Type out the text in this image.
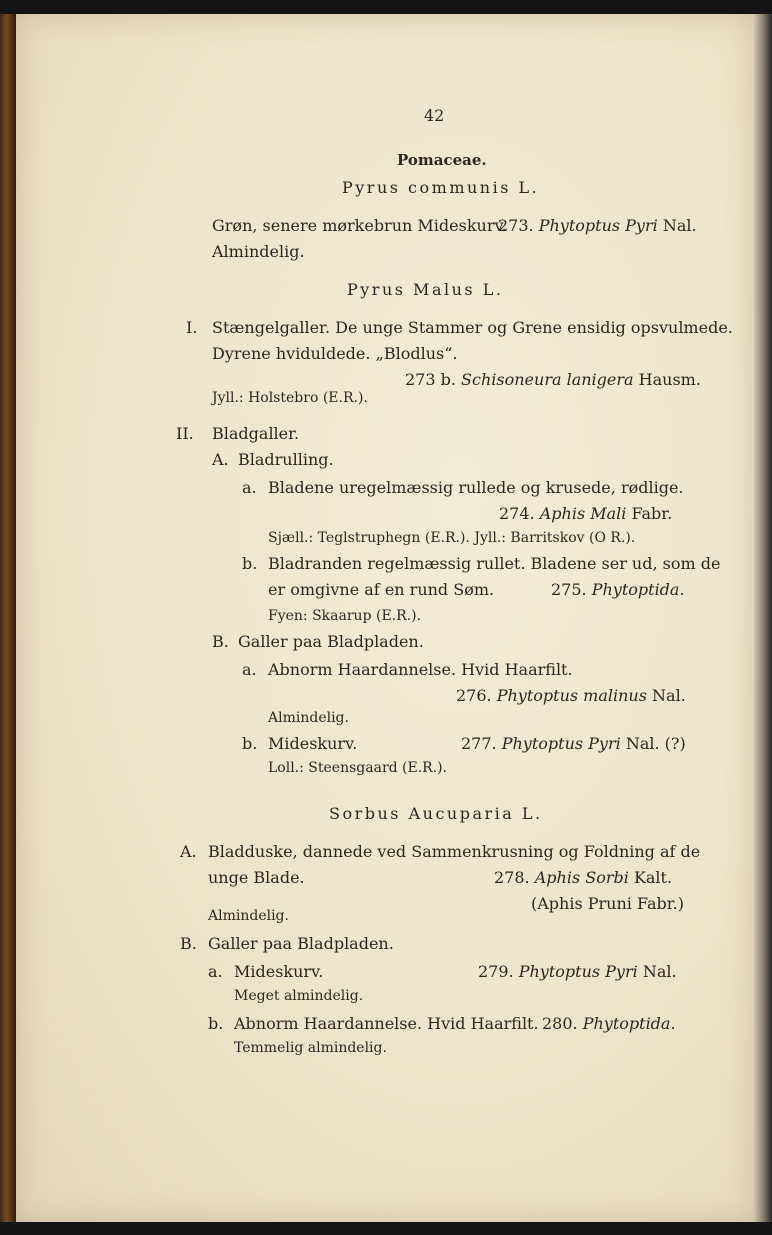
42
Pomaceae.
Pyrus communis L.
Grøn, senere mørkebrun Mideskurv.
273. Phytoptus Pyri Nal.
Almindelig.
Pyrus Malus L.
I. Stængelgaller. De unge Stammer og Grene ensidig opsvulmede.
Dyrene hviduldede. „Blodlus“.
273 b. Schisoneura lanigera Hausm.
Jyll.: Holstebro (E.R.).
II. Bladgaller.
A. Bladrulling.
a. Bladene uregelmæssig rullede og krusede, rødlige.
274. Aphis Mali Fabr.
Sjæll.: Teglstruphegn (E.R.). Jyll.: Barritskov (O R.).
b. Bladranden regelmæssig rullet. Bladene ser ud, som de
er omgivne af en rund Søm.	275. Phytoptida.
Fyen: Skaarup (E.R.).
B. Galler paa Bladpladen.
a. Abnorm Haardannelse. Hvid Haarfilt.
276. Phytoptus malinus Nal.
Almindelig.
b. Mideskurv.	277. Phytoptus Pyri Nal. (?)
Loll.: Steensgaard (E.R.).
Sorbus Aucuparia L.
A. Bladduske, dannede ved Sammenkrusning og Foldning af de
unge Blade.	278. Aphis Sorbi Kalt.
(Aphis Pruni Fabr.)
Almindelig.
B. Galler paa Bladpladen.
a. Mideskurv.	279. Phytoptus Pyri Nal.
Meget almindelig.
b. Abnorm Haardannelse. Hvid Haarfilt. 280. Phytoptida.
Temmelig almindelig.
